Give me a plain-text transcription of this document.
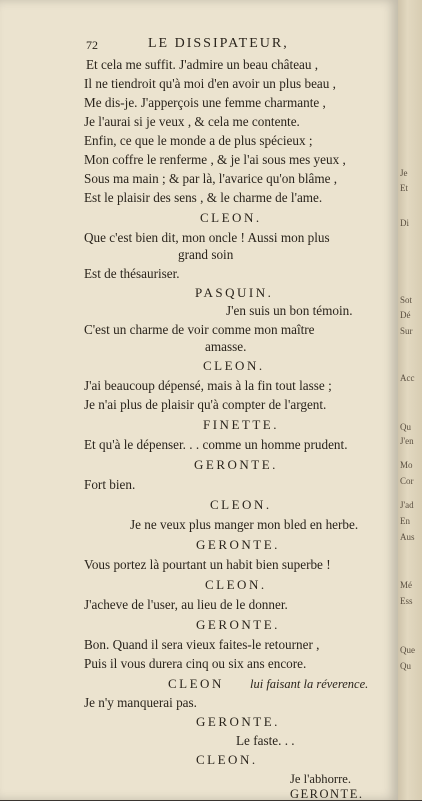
72	LE DISSIPATEUR,
Et cela me suffit. J'admire un beau château ,
Il ne tiendroit qu'à moi d'en avoir un plus beau ,
Me dis-je. J'apperçois une femme charmante ,
Je l'aurai si je veux , & cela me contente.
Enfin, ce que le monde a de plus spécieux ;
Mon coffre le renferme , & je l'ai sous mes yeux ,
Sous ma main ; & par là, l'avarice qu'on blâme ,
Est le plaisir des sens , & le charme de l'ame.
CLEON.
Que c'est bien dit, mon oncle ! Aussi mon plus
grand soin
Est de thésauriser.
PASQUIN.
J'en suis un bon témoin.
C'est un charme de voir comme mon maître
amasse.
CLEON.
J'ai beaucoup dépensé, mais à la fin tout lasse ;
Je n'ai plus de plaisir qu'à compter de l'argent.
FINETTE.
Et qu'à le dépenser. . . comme un homme prudent.
GERONTE.
Fort bien.
CLEON.
Je ne veux plus manger mon bled en herbe.
GERONTE.
Vous portez là pourtant un habit bien superbe !
CLEON.
J'acheve de l'user, au lieu de le donner.
GERONTE.
Bon. Quand il sera vieux faites-le retourner ,
Puis il vous durera cinq ou six ans encore.
CLEON lui faisant la réverence.
Je n'y manquerai pas.
GERONTE.
Le faste. . .
CLEON.
Je l'abhorre.
GERONTE.
Je
Et
Di
Sot
Dé
Sur
Acc
Qu
J'en
Mo
Cor
J'ad
En
Aus
Mé
Ess
Que
Qu
